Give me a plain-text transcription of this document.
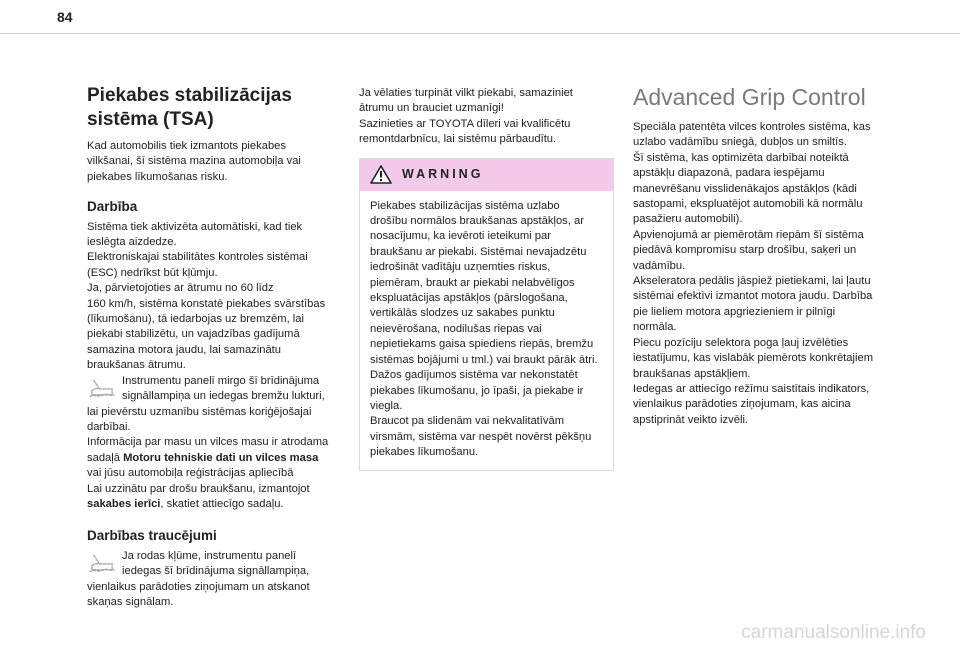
84
Piekabes stabilizācijas
sistēma (TSA)

Kad automobilis tiek izmantots piekabes
vilkšanai, šī sistēma mazina automobiļa vai
piekabes līkumošanas risku.

Darbība

Sistēma tiek aktivizēta automātiski, kad tiek
ieslēgta aizdedze.
Elektroniskajai stabilitātes kontroles sistēmai
(ESC) nedrīkst būt kļūmju.
Ja, pārvietojoties ar ātrumu no 60 līdz
160 km/h, sistēma konstatē piekabes svārstības
(līkumošanu), tā iedarbojas uz bremzēm, lai
piekabi stabilizētu, un vajadzības gadījumā
samazina motora jaudu, lai samazinātu
braukšanas ātrumu.

Instrumentu panelī mirgo šī brīdinājuma
signāllampiņa un iedegas bremžu lukturi,
lai pievērstu uzmanību sistēmas koriģējošajai
darbībai.

Informācija par masu un vilces masu ir atrodama
sadaļā Motoru tehniskie dati un vilces masa
vai jūsu automobiļa reģistrācijas apliecībā

Lai uzzinātu par drošu braukšanu, izmantojot
sakabes ierīci, skatiet attiecīgo sadaļu.

Darbības traucējumi

Ja rodas kļūme, instrumentu panelī
iedegas šī brīdinājuma signāllampiņa,
vienlaikus parādoties ziņojumam un atskanot
skaņas signālam.

Ja vēlaties turpināt vilkt piekabi, samaziniet
ātrumu un brauciet uzmanīgi!
Sazinieties ar TOYOTA dīleri vai kvalificētu
remontdarbnīcu, lai sistēmu pārbaudītu.

WARNING
Piekabes stabilizācijas sistēma uzlabo
drošību normālos braukšanas apstākļos, ar
nosacījumu, ka ievēroti ieteikumi par
braukšanu ar piekabi. Sistēmai nevajadzētu
iedrošināt vadītāju uzņemties riskus,
piemēram, braukt ar piekabi nelabvēlīgos
ekspluatācijas apstākļos (pārslogošana,
vertikālās slodzes uz sakabes punktu
neievērošana, nodilušas riepas vai
nepietiekams gaisa spiediens riepās, bremžu
sistēmas bojājumi u tml.) vai braukt pārāk ātri.
Dažos gadījumos sistēma var nekonstatēt
piekabes līkumošanu, jo īpaši, ja piekabe ir
viegla.
Braucot pa slidenām vai nekvalitatīvām
virsmām, sistēma var nespēt novērst pēkšņu
piekabes līkumošanu.
Advanced Grip Control

Speciāla patentēta vilces kontroles sistēma, kas
uzlabo vadāmību sniegā, dubļos un smiltīs.
Šī sistēma, kas optimizēta darbībai noteiktā
apstākļu diapazonā, padara iespējamu
manevrēšanu visslidenākajos apstākļos (kādi
sastopami, ekspluatējot automobili kā normālu
pasažieru automobili).
Apvienojumā ar piemērotām riepām šī sistēma
piedāvā kompromisu starp drošību, saķeri un
vadāmību.
Akseleratora pedālis jāspiež pietiekami, lai ļautu
sistēmai efektīvi izmantot motora jaudu. Darbība
pie lieliem motora apgriezieniem ir pilnīgi
normāla.
Piecu pozīciju selektora poga ļauj izvēlēties
iestatījumu, kas vislabāk piemērots konkrētajiem
braukšanas apstākļiem.
Iedegas ar attiecīgo režīmu saistītais indikators,
vienlaikus parādoties ziņojumam, kas aicina
apstiprināt veikto izvēli.

carmanualsonline.info
